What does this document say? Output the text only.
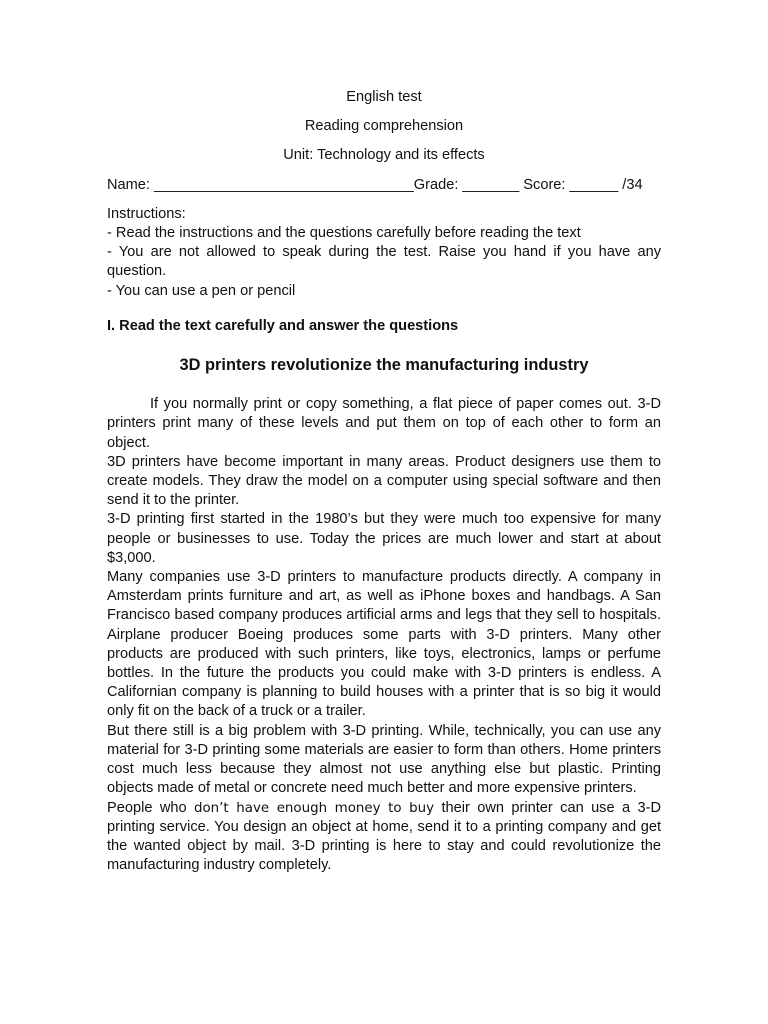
English test
Reading comprehension
Unit: Technology and its effects
Name: ________________________________Grade: _______ Score: ______ /34

Instructions:

- Read the instructions and the questions carefully before reading the text

- You are not allowed to speak during the test. Raise you hand if you have any question.

- You can use a pen or pencil

I. Read the text carefully and answer the questions
3D printers revolutionize the manufacturing industry

If you normally print or copy something, a flat piece of paper comes out. 3-D printers print many of these levels and put them on top of each other to form an object.

3D printers have become important in many areas. Product designers use them to create models. They draw the model on a computer using special software and then send it to the printer.

3-D printing first started in the 1980’s but they were much too expensive for many people or businesses to use. Today the prices are much lower and start at about $3,000.

Many companies use 3-D printers to manufacture products directly. A company in Amsterdam prints furniture and art, as well as iPhone boxes and handbags. A San Francisco based company produces artificial arms and legs that they sell to hospitals. Airplane producer Boeing produces some parts with 3-D printers. Many other products are produced with such printers, like toys, electronics, lamps or perfume bottles. In the future the products you could make with 3-D printers is endless. A Californian company is planning to build houses with a printer that is so big it would only fit on the back of a truck or a trailer.

But there still is a big problem with 3-D printing. While, technically, you can use any material for 3-D printing some materials are easier to form than others. Home printers cost much less because they almost not use anything else but plastic. Printing objects made of metal or concrete need much better and more expensive printers.

People who don’t have enough money to buy their own printer can use a 3-D printing service. You design an object at home, send it to a printing company and get the wanted object by mail. 3-D printing is here to stay and could revolutionize the manufacturing industry completely.
